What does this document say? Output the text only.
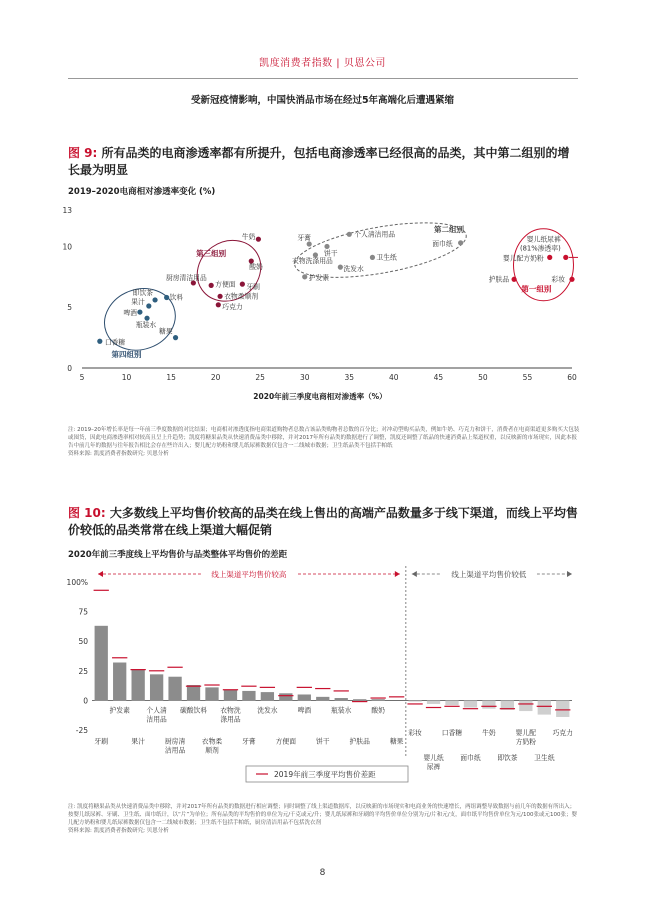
凯度消费者指数 | 贝恩公司
受新冠疫情影响，中国快消品市场在经过5年高端化后遭遇紧缩
图 9: 所有品类的电商渗透率都有所提升，包括电商渗透率已经很高的品类，其中第二组别的增长最为明显
2019–2020电商相对渗透率变化 (%)
5	10	15	20	25	30	35	40	45	50	55	60
0
5
10
13
口香糖
啤酒
瓶装水
果汁
即饮茶
饮料
糖果
厨房清洁用品
方便面
衣物柔顺剂
巧克力
牛奶
酸奶
牙刷
饼干
个人清洁用品
牙膏
衣物洗涤用品	卫生纸
洗发水
护发素
面巾纸
婴儿纸尿裤
(81%渗透率)
婴儿配方奶粉
护肤品	彩妆
第四组别
第三组别
第二组别
第一组别
2020年前三季度电商相对渗透率（%）
注: 2019–20年增长率是每一年前三季度数据的对比结果；电商相对渗透度指电商渠道购物者总数占该品类购物者总数的百分比；对冲动型购买品类，例如牛奶、巧克力和饼干，消费者在电商渠道更多购买大包装或囤货，因此电商渗透率相对较高且呈上升趋势；凯度将糖果品类从快速消费品类中移除，并对2017年所有品类的数据进行了调整，凯度还调整了纸品的快速消费品上渠道权重，以反映新的市场现实，因此本报告中前几年的数据与往年报告相比会存在些许出入；婴儿配方奶粉和婴儿纸尿裤数据仅包含一二线城市数据；卫生纸品类不包括手帕纸
资料来源: 凯度消费者指数研究; 贝恩分析
图 10: 大多数线上平均售价较高的品类在线上售出的高端产品数量多于线下渠道，而线上平均售价较低的品类常常在线上渠道大幅促销
2020年前三季度线上平均售价与品类整体平均售价的差距
-25
0
25
50
75
100%
线上渠道平均售价较高	线上渠道平均售价较低
牙刷
护发素
果汁
个人清
洁用品
厨房清
洁用品
碳酸饮料
衣物柔
顺剂
衣物洗
涤用品
牙膏
洗发水
方便面
啤酒
饼干
瓶装水
护肤品
酸奶
糖果
彩妆
婴儿纸
尿裤
口香糖
面巾纸
牛奶
即饮茶
婴儿配
方奶粉
卫生纸
巧克力
2019年前三季度平均售价差距
注: 凯度将糖果品类从快速消费品类中移除，并对2017年所有品类的数据进行相应调整；同时调整了线上渠道数据库，以反映新的市场现实和电商业务的快速增长，两组调整导致数据与前几年的数据有所出入；按婴儿纸尿裤、牙刷、卫生纸、面巾纸计，以“片”为单位；所有品类的平均售价的单位为元/千克或元/升；婴儿纸尿裤和牙刷的平均售价单位分别为元/片和元/支，面巾纸平均售价单位为元/100张或元100张；婴儿配方奶粉和婴儿纸尿裤数据仅包含一二线城市数据；卫生纸不包括手帕纸，厨房清洁用品不包括洗衣剂
资料来源: 凯度消费者指数研究; 贝恩分析
8
